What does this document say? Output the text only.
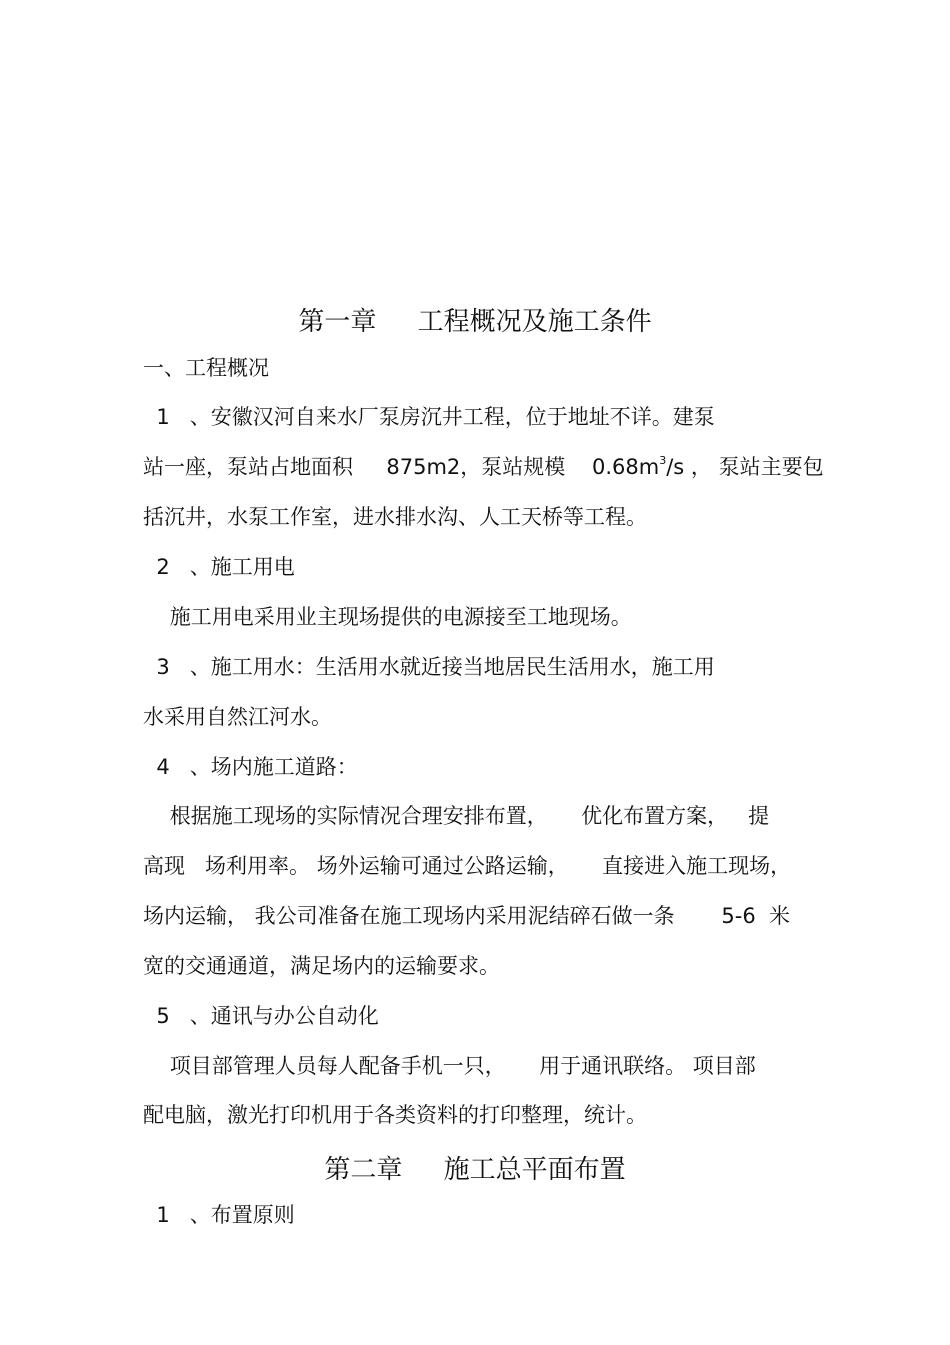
第一章     工程概况及施工条件
一、工程概况
1   、安徽汉河自来水厂泵房沉井工程，位于地址不详。建泵
站一座，泵站占地面积     875m2，泵站规模    $0.68m^3/s$ ， 泵站主要包
括沉井，水泵工作室，进水排水沟、人工天桥等工程。
2   、施工用电
施工用电采用业主现场提供的电源接至工地现场。
3   、施工用水：生活用水就近接当地居民生活用水，施工用
水采用自然江河水。
4   、场内施工道路：
根据施工现场的实际情况合理安排布置，     优化布置方案，   提
高现   场利用率。 场外运输可通过公路运输，     直接进入施工现场，
场内运输， 我公司准备在施工现场内采用泥结碎石做一条       5-6  米
宽的交通通道，满足场内的运输要求。
5   、通讯与办公自动化
项目部管理人员每人配备手机一只，     用于通讯联络。 项目部
配电脑，激光打印机用于各类资料的打印整理，统计。
第二章     施工总平面布置
1   、布置原则
